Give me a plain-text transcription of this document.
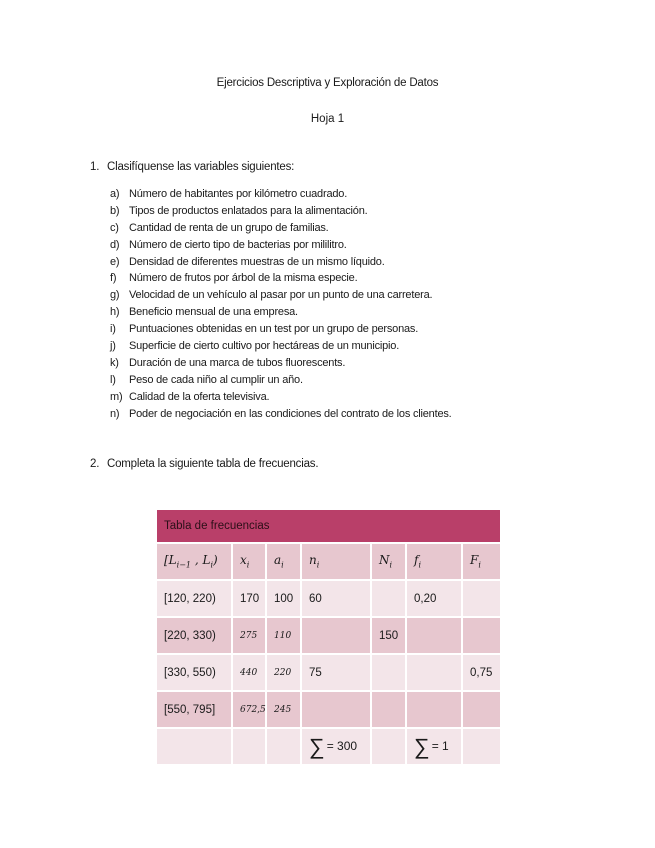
Ejercicios Descriptiva y Exploración de Datos
Hoja 1
1. Clasifíquense las variables siguientes:
a) Número de habitantes por kilómetro cuadrado.
b) Tipos de productos enlatados para la alimentación.
c) Cantidad de renta de un grupo de familias.
d) Número de cierto tipo de bacterias por mililitro.
e) Densidad de diferentes muestras de un mismo líquido.
f) Número de frutos por árbol de la misma especie.
g) Velocidad de un vehículo al pasar por un punto de una carretera.
h) Beneficio mensual de una empresa.
i) Puntuaciones obtenidas en un test por un grupo de personas.
j) Superficie de cierto cultivo por hectáreas de un municipio.
k) Duración de una marca de tubos fluorescents.
l) Peso de cada niño al cumplir un año.
m) Calidad de la oferta televisiva.
n) Poder de negociación en las condiciones del contrato de los clientes.
2. Completa la siguiente tabla de frecuencias.
Tabla de frecuencias						
[$L_{i-1}$ , $L_i$)	$x_i$	$a_i$	$n_i$	$N_i$	$f_i$	$F_i$
[120, 220)	170	100	60		0,20	
[220, 330)	275	110		150		
[330, 550)	440	220	75			0,75
[550, 795]	672,5	245				
			∑ = 300		∑ = 1	
